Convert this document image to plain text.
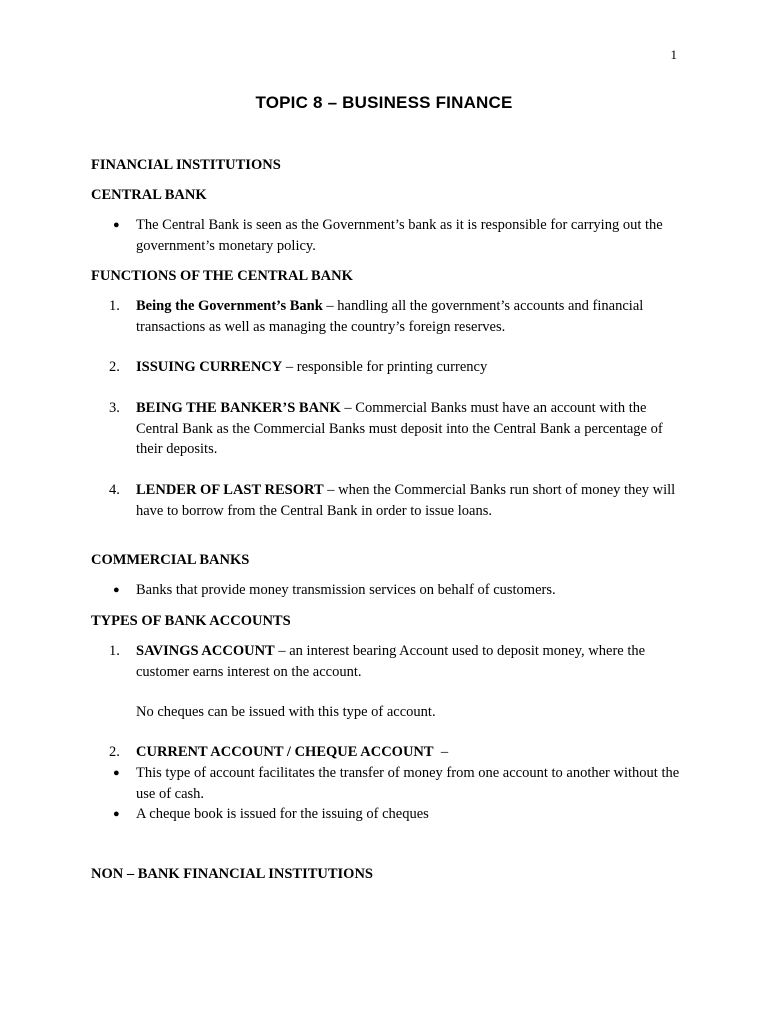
1
TOPIC 8 – BUSINESS FINANCE
FINANCIAL INSTITUTIONS
CENTRAL BANK
●	The Central Bank is seen as the Government’s bank as it is responsible for carrying out the government’s monetary policy.
FUNCTIONS OF THE CENTRAL BANK
1.	Being the Government’s Bank – handling all the government’s accounts and financial transactions as well as managing the country’s foreign reserves.
2.	ISSUING CURRENCY – responsible for printing currency
3.	BEING THE BANKER’S BANK – Commercial Banks must have an account with the Central Bank as the Commercial Banks must deposit into the Central Bank a percentage of their deposits.
4.	LENDER OF LAST RESORT – when the Commercial Banks run short of money they will have to borrow from the Central Bank in order to issue loans.
COMMERCIAL BANKS
●	Banks that provide money transmission services on behalf of customers.
TYPES OF BANK ACCOUNTS
1.	SAVINGS ACCOUNT – an interest bearing Account used to deposit money, where the customer earns interest on the account.
No cheques can be issued with this type of account.
2.	CURRENT ACCOUNT / CHEQUE ACCOUNT  –
●	This type of account facilitates the transfer of money from one account to another without the use of cash.
●	A cheque book is issued for the issuing of cheques
NON – BANK FINANCIAL INSTITUTIONS
